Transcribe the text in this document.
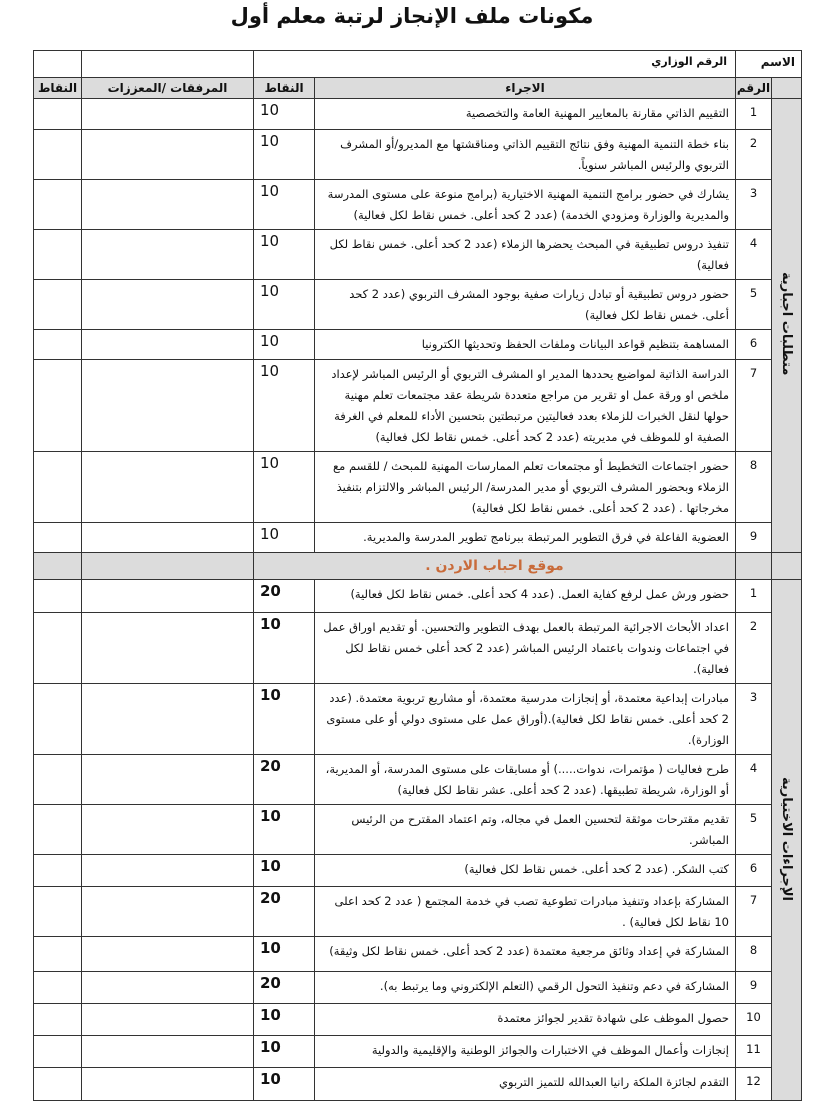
مكونات ملف الإنجاز لرتبة معلم أول
		الرقم الوزاري		الاسم	
النقاط	المرفقات /المعززات	النقاط	الاجراء	الرقم	
		10	التقييم الذاتي مقارنة بالمعايير المهنية العامة والتخصصية	1	متطلبات اجبارية
		10	بناء خطة التنمية المهنية وفق نتائج التقييم الذاتي ومناقشتها مع المديرو/أو المشرف التربوي والرئيس المباشر سنوياً.	2	
		10	يشارك في حضور برامج التنمية المهنية الاختيارية (برامج منوعة على مستوى المدرسة والمديرية والوزارة ومزودي الخدمة) (عدد 2 كحد أعلى. خمس نقاط لكل فعالية)	3	
		10	تنفيذ دروس تطبيقية في المبحث يحضرها الزملاء (عدد 2 كحد أعلى. خمس نقاط لكل فعالية)	4	
		10	حضور دروس تطبيقية أو تبادل زيارات صفية بوجود المشرف التربوي (عدد 2 كحد أعلى. خمس نقاط لكل فعالية)	5	
		10	المساهمة بتنظيم قواعد البيانات وملفات الحفظ وتحديثها الكترونيا	6	
		10	الدراسة الذاتية لمواضيع يحددها المدير او المشرف التربوي أو الرئيس المباشر لإعداد ملخص او ورقة عمل او تقرير من مراجع متعددة شريطة عقد مجتمعات تعلم مهنية حولها لنقل الخبرات للزملاء بعدد فعاليتين مرتبطتين بتحسين الأداء للمعلم في الغرفة الصفية او للموظف في مديريته (عدد 2 كحد أعلى. خمس نقاط لكل فعالية)	7	
		10	حضور اجتماعات التخطيط أو مجتمعات تعلم الممارسات المهنية للمبحث / للقسم مع الزملاء وبحضور المشرف التربوي أو مدير المدرسة/ الرئيس المباشر والالتزام بتنفيذ مخرجاتها . (عدد 2 كحد أعلى. خمس نقاط لكل فعالية)	8	
		10	العضوية الفاعلة في فرق التطوير المرتبطة ببرنامج تطوير المدرسة والمديرية.	9	
		موقع احباب الاردن .			
		20	حضور ورش عمل لرفع كفاية العمل. (عدد 4 كحد أعلى. خمس نقاط لكل فعالية)	1	الإجراءات الاختيارية
		10	اعداد الأبحاث الاجرائية المرتبطة بالعمل بهدف التطوير والتحسين. أو تقديم اوراق عمل في اجتماعات وندوات باعتماد الرئيس المباشر (عدد 2 كحد أعلى خمس نقاط لكل فعالية).	2	
		10	مبادرات إبداعية معتمدة، أو إنجازات مدرسية معتمدة، أو مشاريع تربوية معتمدة. (عدد 2 كحد أعلى. خمس نقاط لكل فعالية).(أوراق عمل على مستوى دولي أو على مستوى الوزارة).	3	
		20	طرح فعاليات ( مؤتمرات، ندوات.....) أو مسابقات على مستوى المدرسة، أو المديرية، أو الوزارة، شريطة تطبيقها. (عدد 2 كحد أعلى. عشر نقاط لكل فعالية)	4	
		10	تقديم مقترحات موثقة لتحسين العمل في مجاله، وتم اعتماد المقترح من الرئيس المباشر.	5	
		10	كتب الشكر. (عدد 2 كحد أعلى. خمس نقاط لكل فعالية)	6	
		20	المشاركة بإعداد وتنفيذ مبادرات تطوعية تصب في خدمة المجتمع ( عدد 2 كحد اعلى 10 نقاط لكل فعالية) .	7	
		10	المشاركة في إعداد وثائق مرجعية معتمدة (عدد 2 كحد أعلى. خمس نقاط لكل وثيقة)	8	
		20	المشاركة في دعم وتنفيذ التحول الرقمي (التعلم الإلكتروني وما يرتبط به).	9	
		10	حصول الموظف على شهادة تقدير لجوائز معتمدة	10	
		10	إنجازات وأعمال الموظف في الاختبارات والجوائز الوطنية والإقليمية والدولية	11	
		10	التقدم لجائزة الملكة رانيا العبدالله للتميز التربوي	12	
